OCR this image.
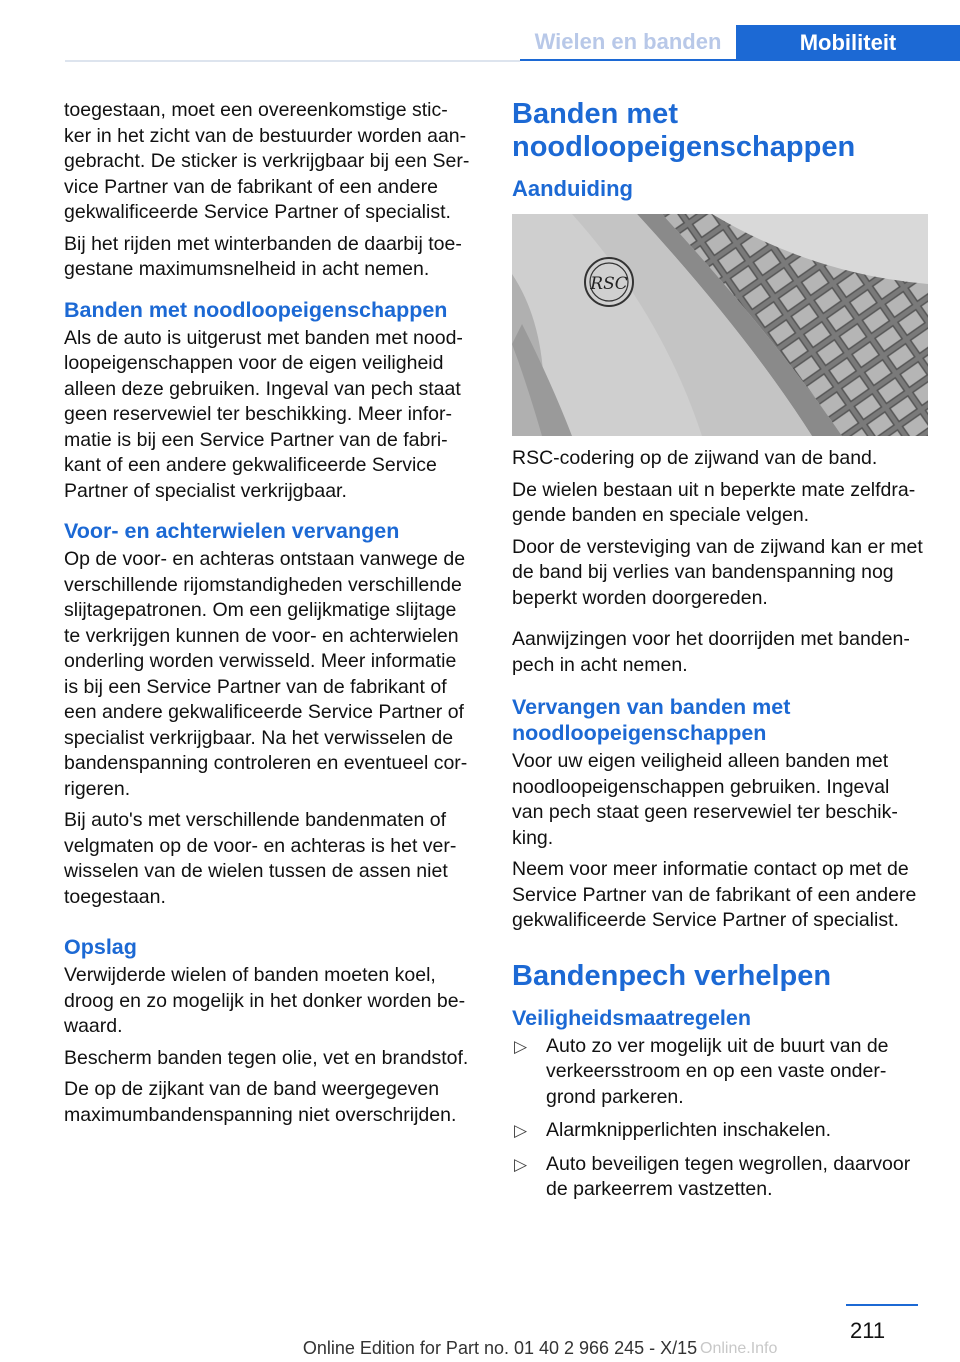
Wielen en banden	Mobiliteit

toegestaan, moet een overeenkomstige stic-
ker in het zicht van de bestuurder worden aan-
gebracht. De sticker is verkrijgbaar bij een Ser-
vice Partner van de fabrikant of een andere
gekwalificeerde Service Partner of specialist.

Bij het rijden met winterbanden de daarbij toe-
gestane maximumsnelheid in acht nemen.

Banden met noodloopeigenschappen

Als de auto is uitgerust met banden met nood-
loopeigenschappen voor de eigen veiligheid
alleen deze gebruiken. Ingeval van pech staat
geen reservewiel ter beschikking. Meer infor-
matie is bij een Service Partner van de fabri-
kant of een andere gekwalificeerde Service
Partner of specialist verkrijgbaar.

Voor- en achterwielen vervangen

Op de voor- en achteras ontstaan vanwege de
verschillende rijomstandigheden verschillende
slijtagepatronen. Om een gelijkmatige slijtage
te verkrijgen kunnen de voor- en achterwielen
onderling worden verwisseld. Meer informatie
is bij een Service Partner van de fabrikant of
een andere gekwalificeerde Service Partner of
specialist verkrijgbaar. Na het verwisselen de
bandenspanning controleren en eventueel cor-
rigeren.

Bij auto's met verschillende bandenmaten of
velgmaten op de voor- en achteras is het ver-
wisselen van de wielen tussen de assen niet
toegestaan.

Opslag

Verwijderde wielen of banden moeten koel,
droog en zo mogelijk in het donker worden be-
waard.

Bescherm banden tegen olie, vet en brandstof.

De op de zijkant van de band weergegeven
maximumbandenspanning niet overschrijden.

Banden met
noodloopeigenschappen
Aanduiding
RSC

RSC-codering op de zijwand van de band.

De wielen bestaan uit n beperkte mate zelfdra-
gende banden en speciale velgen.

Door de versteviging van de zijwand kan er met
de band bij verlies van bandenspanning nog
beperkt worden doorgereden.

Aanwijzingen voor het doorrijden met banden-
pech in acht nemen.

Vervangen van banden met
noodloopeigenschappen

Voor uw eigen veiligheid alleen banden met
noodloopeigenschappen gebruiken. Ingeval
van pech staat geen reservewiel ter beschik-
king.

Neem voor meer informatie contact op met de
Service Partner van de fabrikant of een andere
gekwalificeerde Service Partner of specialist.

Bandenpech verhelpen
Veiligheidsmaatregelen
▷ Auto zo ver mogelijk uit de buurt van de
verkeersstroom en op een vaste onder-
grond parkeren.
▷ Alarmknipperlichten inschakelen.
▷ Auto beveiligen tegen wegrollen, daarvoor
de parkeerrem vastzetten.
211
Online Edition for Part no. 01 40 2 966 245 - X/15 Online.Info
